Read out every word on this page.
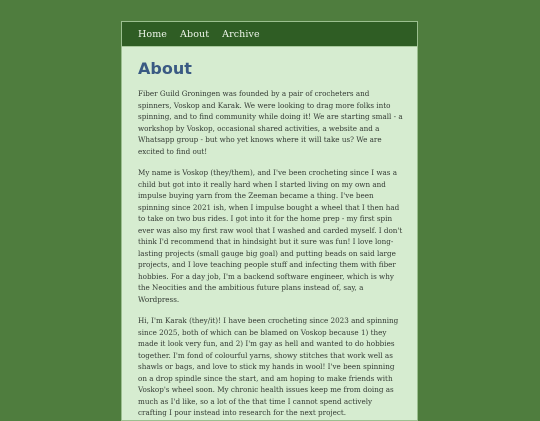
Home About Archive
About

Fiber Guild Groningen was founded by a pair of crocheters and spinners, Voskop and Karak. We were looking to drag more folks into spinning, and to find community while doing it! We are starting small - a workshop by Voskop, occasional shared activities, a website and a Whatsapp group - but who yet knows where it will take us? We are excited to find out!

My name is Voskop (they/them), and I've been crocheting since I was a child but got into it really hard when I started living on my own and impulse buying yarn from the Zeeman became a thing. I've been spinning since 2021 ish, when I impulse bought a wheel that I then had to take on two bus rides. I got into it for the home prep - my first spin ever was also my first raw wool that I washed and carded myself. I don't think I'd recommend that in hindsight but it sure was fun! I love long-lasting projects (small gauge big goal) and putting beads on said large projects, and I love teaching people stuff and infecting them with fiber hobbies. For a day job, I'm a backend software engineer, which is why the Neocities and the ambitious future plans instead of, say, a Wordpress.

Hi, I'm Karak (they/it)! I have been crocheting since 2023 and spinning since 2025, both of which can be blamed on Voskop because 1) they made it look very fun, and 2) I'm gay as hell and wanted to do hobbies together. I'm fond of colourful yarns, showy stitches that work well as shawls or bags, and love to stick my hands in wool! I've been spinning on a drop spindle since the start, and am hoping to make friends with Voskop's wheel soon. My chronic health issues keep me from doing as much as I'd like, so a lot of the that time I cannot spend actively crafting I pour instead into research for the next project.
